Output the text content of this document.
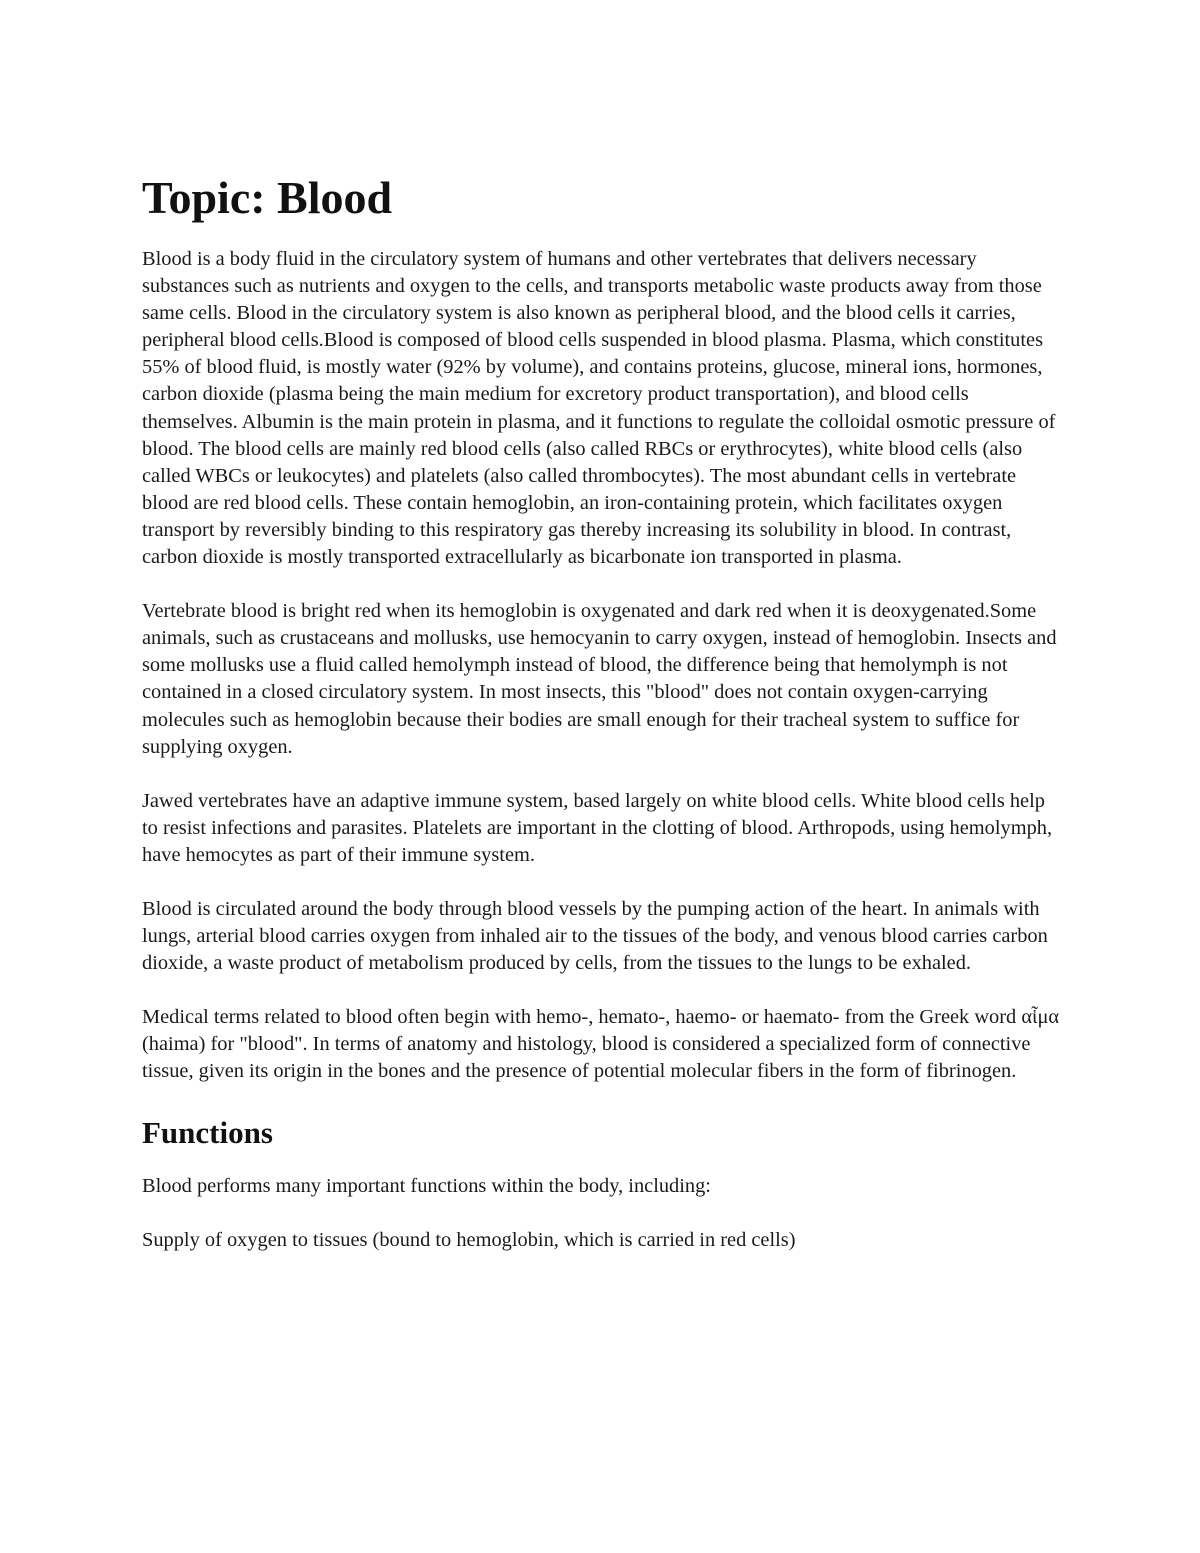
Topic: Blood

Blood is a body fluid in the circulatory system of humans and other vertebrates that delivers necessary substances such as nutrients and oxygen to the cells, and transports metabolic waste products away from those same cells. Blood in the circulatory system is also known as peripheral blood, and the blood cells it carries, peripheral blood cells.Blood is composed of blood cells suspended in blood plasma. Plasma, which constitutes 55% of blood fluid, is mostly water (92% by volume), and contains proteins, glucose, mineral ions, hormones, carbon dioxide (plasma being the main medium for excretory product transportation), and blood cells themselves. Albumin is the main protein in plasma, and it functions to regulate the colloidal osmotic pressure of blood. The blood cells are mainly red blood cells (also called RBCs or erythrocytes), white blood cells (also called WBCs or leukocytes) and platelets (also called thrombocytes). The most abundant cells in vertebrate blood are red blood cells. These contain hemoglobin, an iron-containing protein, which facilitates oxygen transport by reversibly binding to this respiratory gas thereby increasing its solubility in blood. In contrast, carbon dioxide is mostly transported extracellularly as bicarbonate ion transported in plasma.

Vertebrate blood is bright red when its hemoglobin is oxygenated and dark red when it is deoxygenated.Some animals, such as crustaceans and mollusks, use hemocyanin to carry oxygen, instead of hemoglobin. Insects and some mollusks use a fluid called hemolymph instead of blood, the difference being that hemolymph is not contained in a closed circulatory system. In most insects, this "blood" does not contain oxygen-carrying molecules such as hemoglobin because their bodies are small enough for their tracheal system to suffice for supplying oxygen.

Jawed vertebrates have an adaptive immune system, based largely on white blood cells. White blood cells help to resist infections and parasites. Platelets are important in the clotting of blood. Arthropods, using hemolymph, have hemocytes as part of their immune system.

Blood is circulated around the body through blood vessels by the pumping action of the heart. In animals with lungs, arterial blood carries oxygen from inhaled air to the tissues of the body, and venous blood carries carbon dioxide, a waste product of metabolism produced by cells, from the tissues to the lungs to be exhaled.

Medical terms related to blood often begin with hemo-, hemato-, haemo- or haemato- from the Greek word αἷμα (haima) for "blood". In terms of anatomy and histology, blood is considered a specialized form of connective tissue, given its origin in the bones and the presence of potential molecular fibers in the form of fibrinogen.

Functions

Blood performs many important functions within the body, including:

Supply of oxygen to tissues (bound to hemoglobin, which is carried in red cells)
